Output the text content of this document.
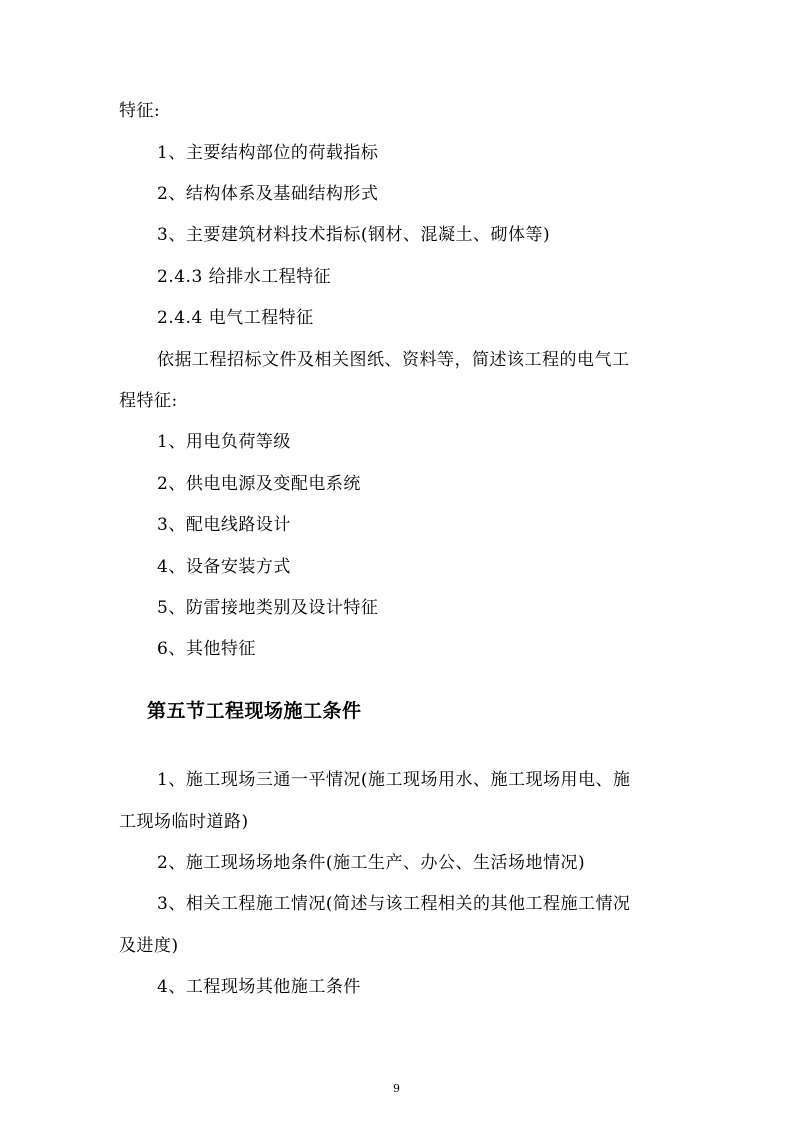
特征:
1、主要结构部位的荷载指标
2、结构体系及基础结构形式
3、主要建筑材料技术指标(钢材、混凝土、砌体等)
2.4.3 给排水工程特征
2.4.4 电气工程特征
依据工程招标文件及相关图纸、资料等，简述该工程的电气工
程特征:
1、用电负荷等级
2、供电电源及变配电系统
3、配电线路设计
4、设备安装方式
5、防雷接地类别及设计特征
6、其他特征
第五节工程现场施工条件
1、施工现场三通一平情况(施工现场用水、施工现场用电、施
工现场临时道路)
2、施工现场场地条件(施工生产、办公、生活场地情况)
3、相关工程施工情况(简述与该工程相关的其他工程施工情况
及进度)
4、工程现场其他施工条件
9
